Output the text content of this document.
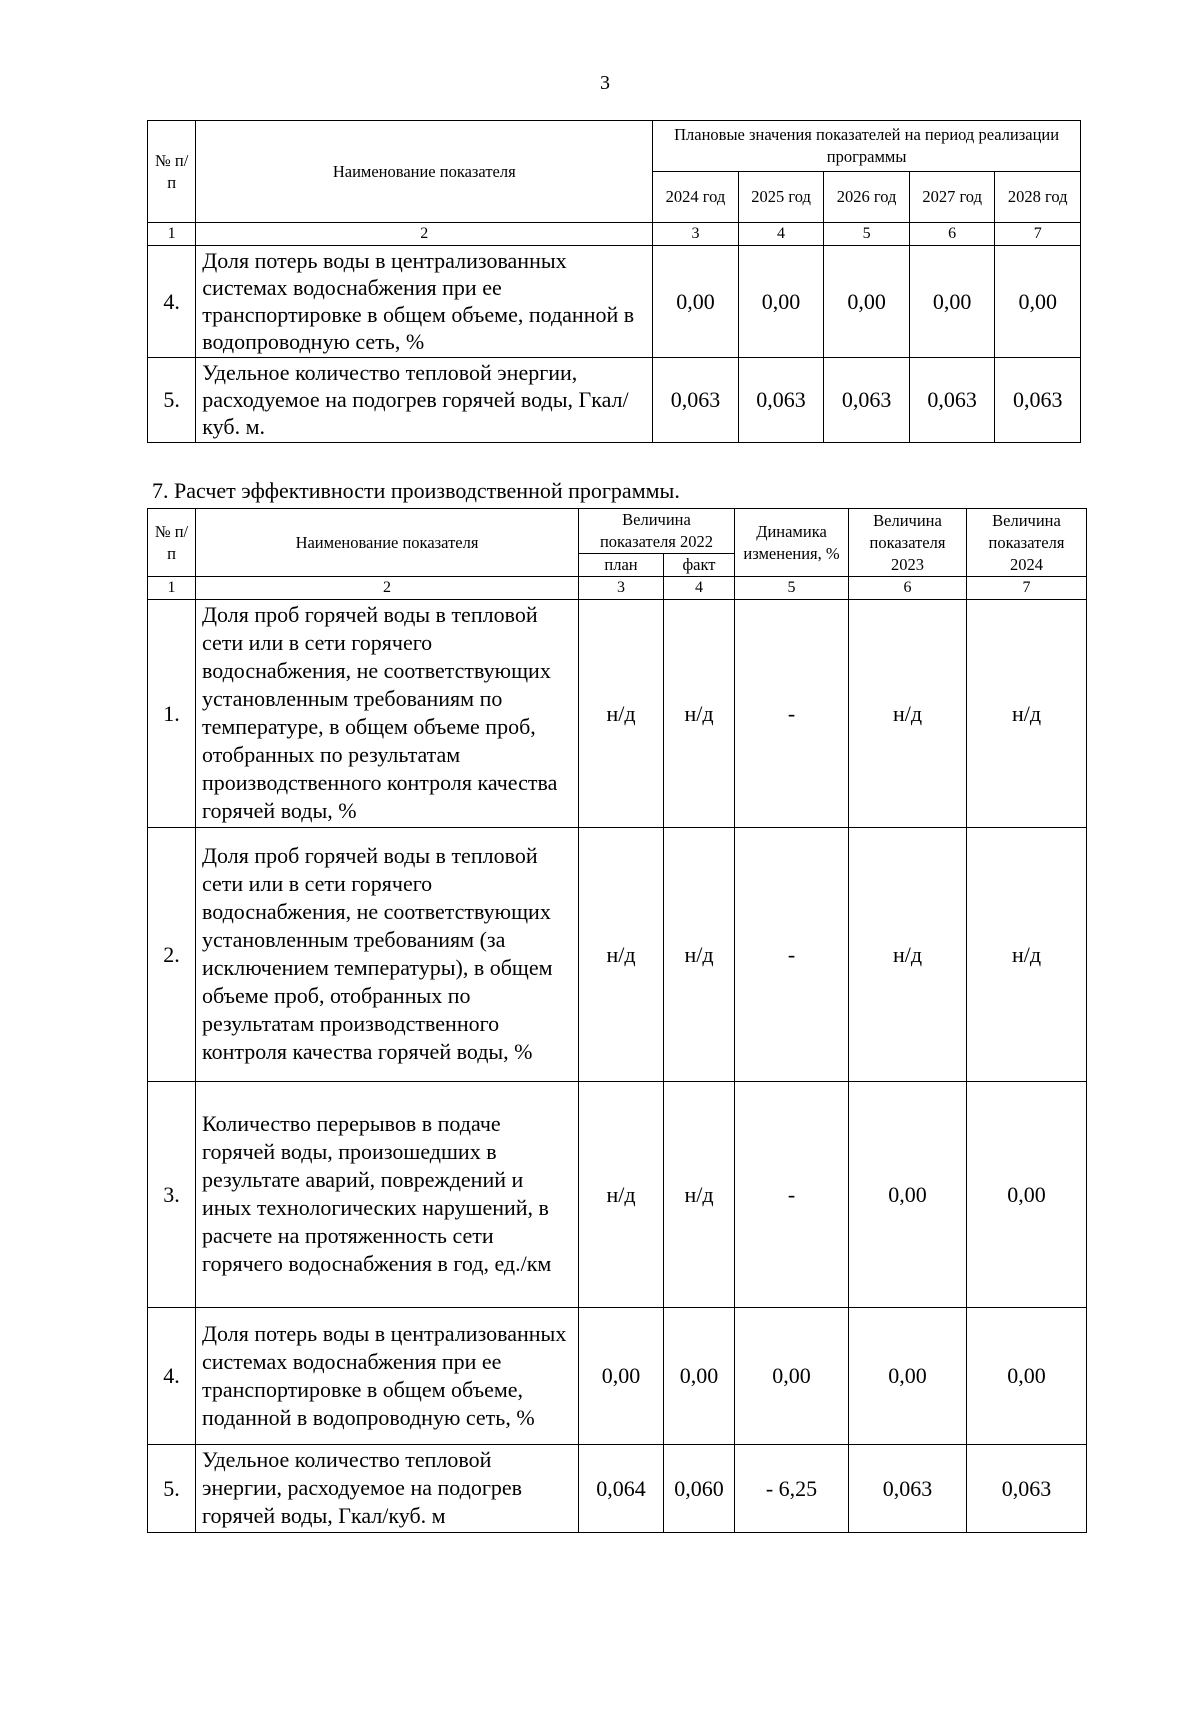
3
№ п/п	Наименование показателя	Плановые значения показателей на период реализации программы				
		2024 год	2025 год	2026 год	2027 год	2028 год
1	2	3	4	5	6	7
4.	Доля потерь воды в централизованных системах водоснабжения при ее транспортировке в общем объеме, поданной в водопроводную сеть, %	0,00	0,00	0,00	0,00	0,00
5.	Удельное количество тепловой энергии, расходуемое на подогрев горячей воды, Гкал/куб. м.	0,063	0,063	0,063	0,063	0,063
7. Расчет эффективности производственной программы.
№ п/п	Наименование показателя	Величина показателя 2022		Динамика изменения, %	Величина показателя 2023	Величина показателя 2024
		план	факт			
1	2	3	4	5	6	7
1.	Доля проб горячей воды в тепловой сети или в сети горячего водоснабжения, не соответствующих установленным требованиям по температуре, в общем объеме проб, отобранных по результатам производственного контроля качества горячей воды, %	н/д	н/д	-	н/д	н/д
2.	Доля проб горячей воды в тепловой сети или в сети горячего водоснабжения, не соответствующих установленным требованиям (за исключением температуры), в общем объеме проб, отобранных по результатам производственного контроля качества горячей воды, %	н/д	н/д	-	н/д	н/д
3.	Количество перерывов в подаче горячей воды, произошедших в результате аварий, повреждений и иных технологических нарушений, в расчете на протяженность сети горячего водоснабжения в год, ед./км	н/д	н/д	-	0,00	0,00
4.	Доля потерь воды в централизованных системах водоснабжения при ее транспортировке в общем объеме, поданной в водопроводную сеть, %	0,00	0,00	0,00	0,00	0,00
5.	Удельное количество тепловой энергии, расходуемое на подогрев горячей воды, Гкал/куб. м	0,064	0,060	- 6,25	0,063	0,063
